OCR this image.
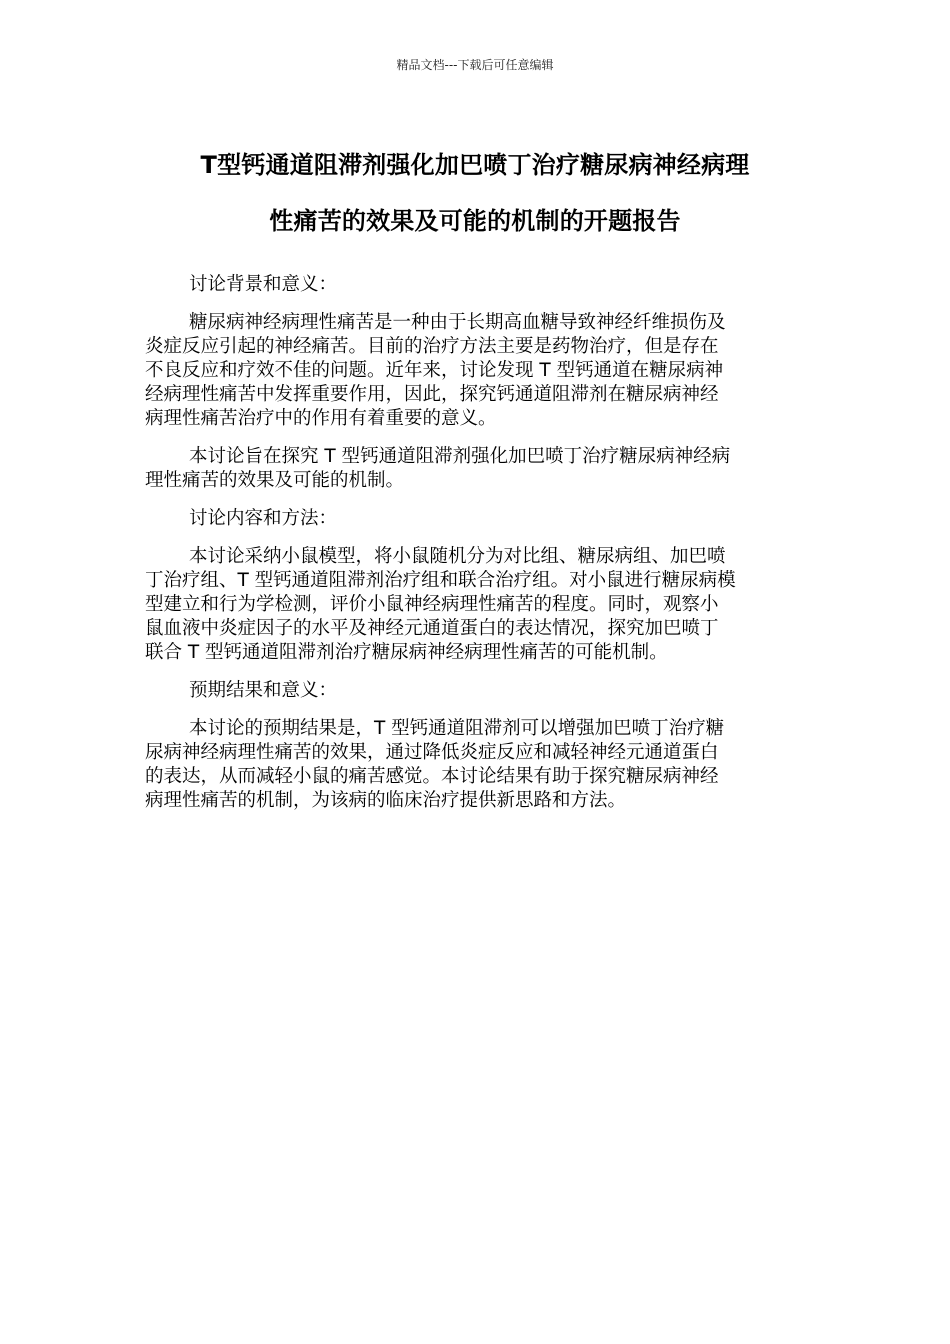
精品文档---下载后可任意编辑
T型钙通道阻滞剂强化加巴喷丁治疗糖尿病神经病理
性痛苦的效果及可能的机制的开题报告

讨论背景和意义：

糖尿病神经病理性痛苦是一种由于长期高血糖导致神经纤维损伤及
炎症反应引起的神经痛苦。目前的治疗方法主要是药物治疗，但是存在
不良反应和疗效不佳的问题。近年来，讨论发现 T 型钙通道在糖尿病神
经病理性痛苦中发挥重要作用，因此，探究钙通道阻滞剂在糖尿病神经
病理性痛苦治疗中的作用有着重要的意义。

本讨论旨在探究 T 型钙通道阻滞剂强化加巴喷丁治疗糖尿病神经病
理性痛苦的效果及可能的机制。

讨论内容和方法：

本讨论采纳小鼠模型，将小鼠随机分为对比组、糖尿病组、加巴喷
丁治疗组、T 型钙通道阻滞剂治疗组和联合治疗组。对小鼠进行糖尿病模
型建立和行为学检测，评价小鼠神经病理性痛苦的程度。同时，观察小
鼠血液中炎症因子的水平及神经元通道蛋白的表达情况，探究加巴喷丁
联合 T 型钙通道阻滞剂治疗糖尿病神经病理性痛苦的可能机制。

预期结果和意义：

本讨论的预期结果是，T 型钙通道阻滞剂可以增强加巴喷丁治疗糖
尿病神经病理性痛苦的效果，通过降低炎症反应和减轻神经元通道蛋白
的表达，从而减轻小鼠的痛苦感觉。本讨论结果有助于探究糖尿病神经
病理性痛苦的机制，为该病的临床治疗提供新思路和方法。
